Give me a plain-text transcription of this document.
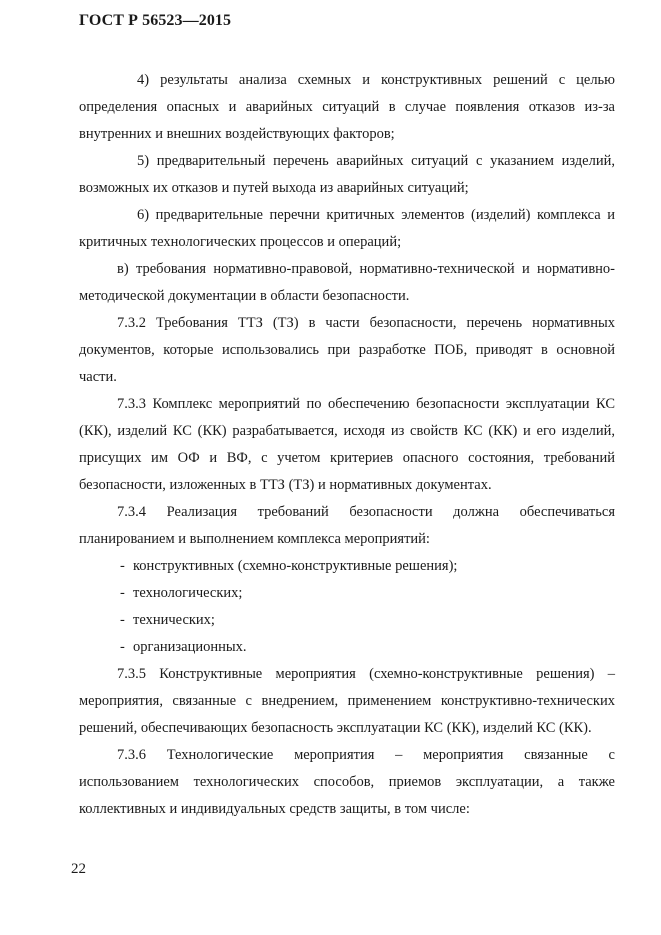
ГОСТ Р 56523—2015

4) результаты анализа схемных и конструктивных решений с целью определения опасных и аварийных ситуаций в случае появления отказов из-за внутренних и внешних воздействующих факторов;

5) предварительный перечень аварийных ситуаций с указанием изделий, возможных их отказов и путей выхода из аварийных ситуаций;

6) предварительные перечни критичных элементов (изделий) комплекса и критичных технологических процессов и операций;

в) требования нормативно-правовой, нормативно-технической и нормативно-методической документации в области безопасности.

7.3.2 Требования ТТЗ (ТЗ) в части безопасности, перечень нормативных документов, которые использовались при разработке ПОБ, приводят в основной части.

7.3.3 Комплекс мероприятий по обеспечению безопасности эксплуатации КС (КК), изделий КС (КК) разрабатывается, исходя из свойств КС (КК) и его изделий, присущих им ОФ и ВФ, с учетом критериев опасного состояния, требований безопасности, изложенных в ТТЗ (ТЗ) и нормативных документах.

7.3.4 Реализация требований безопасности должна обеспечиваться планированием и выполнением комплекса мероприятий:

- конструктивных (схемно-конструктивные решения);

- технологических;

- технических;

- организационных.

7.3.5 Конструктивные мероприятия (схемно-конструктивные решения) – мероприятия, связанные с внедрением, применением конструктивно-технических решений, обеспечивающих безопасность эксплуатации КС (КК), изделий КС (КК).

7.3.6 Технологические мероприятия – мероприятия связанные с использованием технологических способов, приемов эксплуатации, а также коллективных и индивидуальных средств защиты, в том числе:

22
